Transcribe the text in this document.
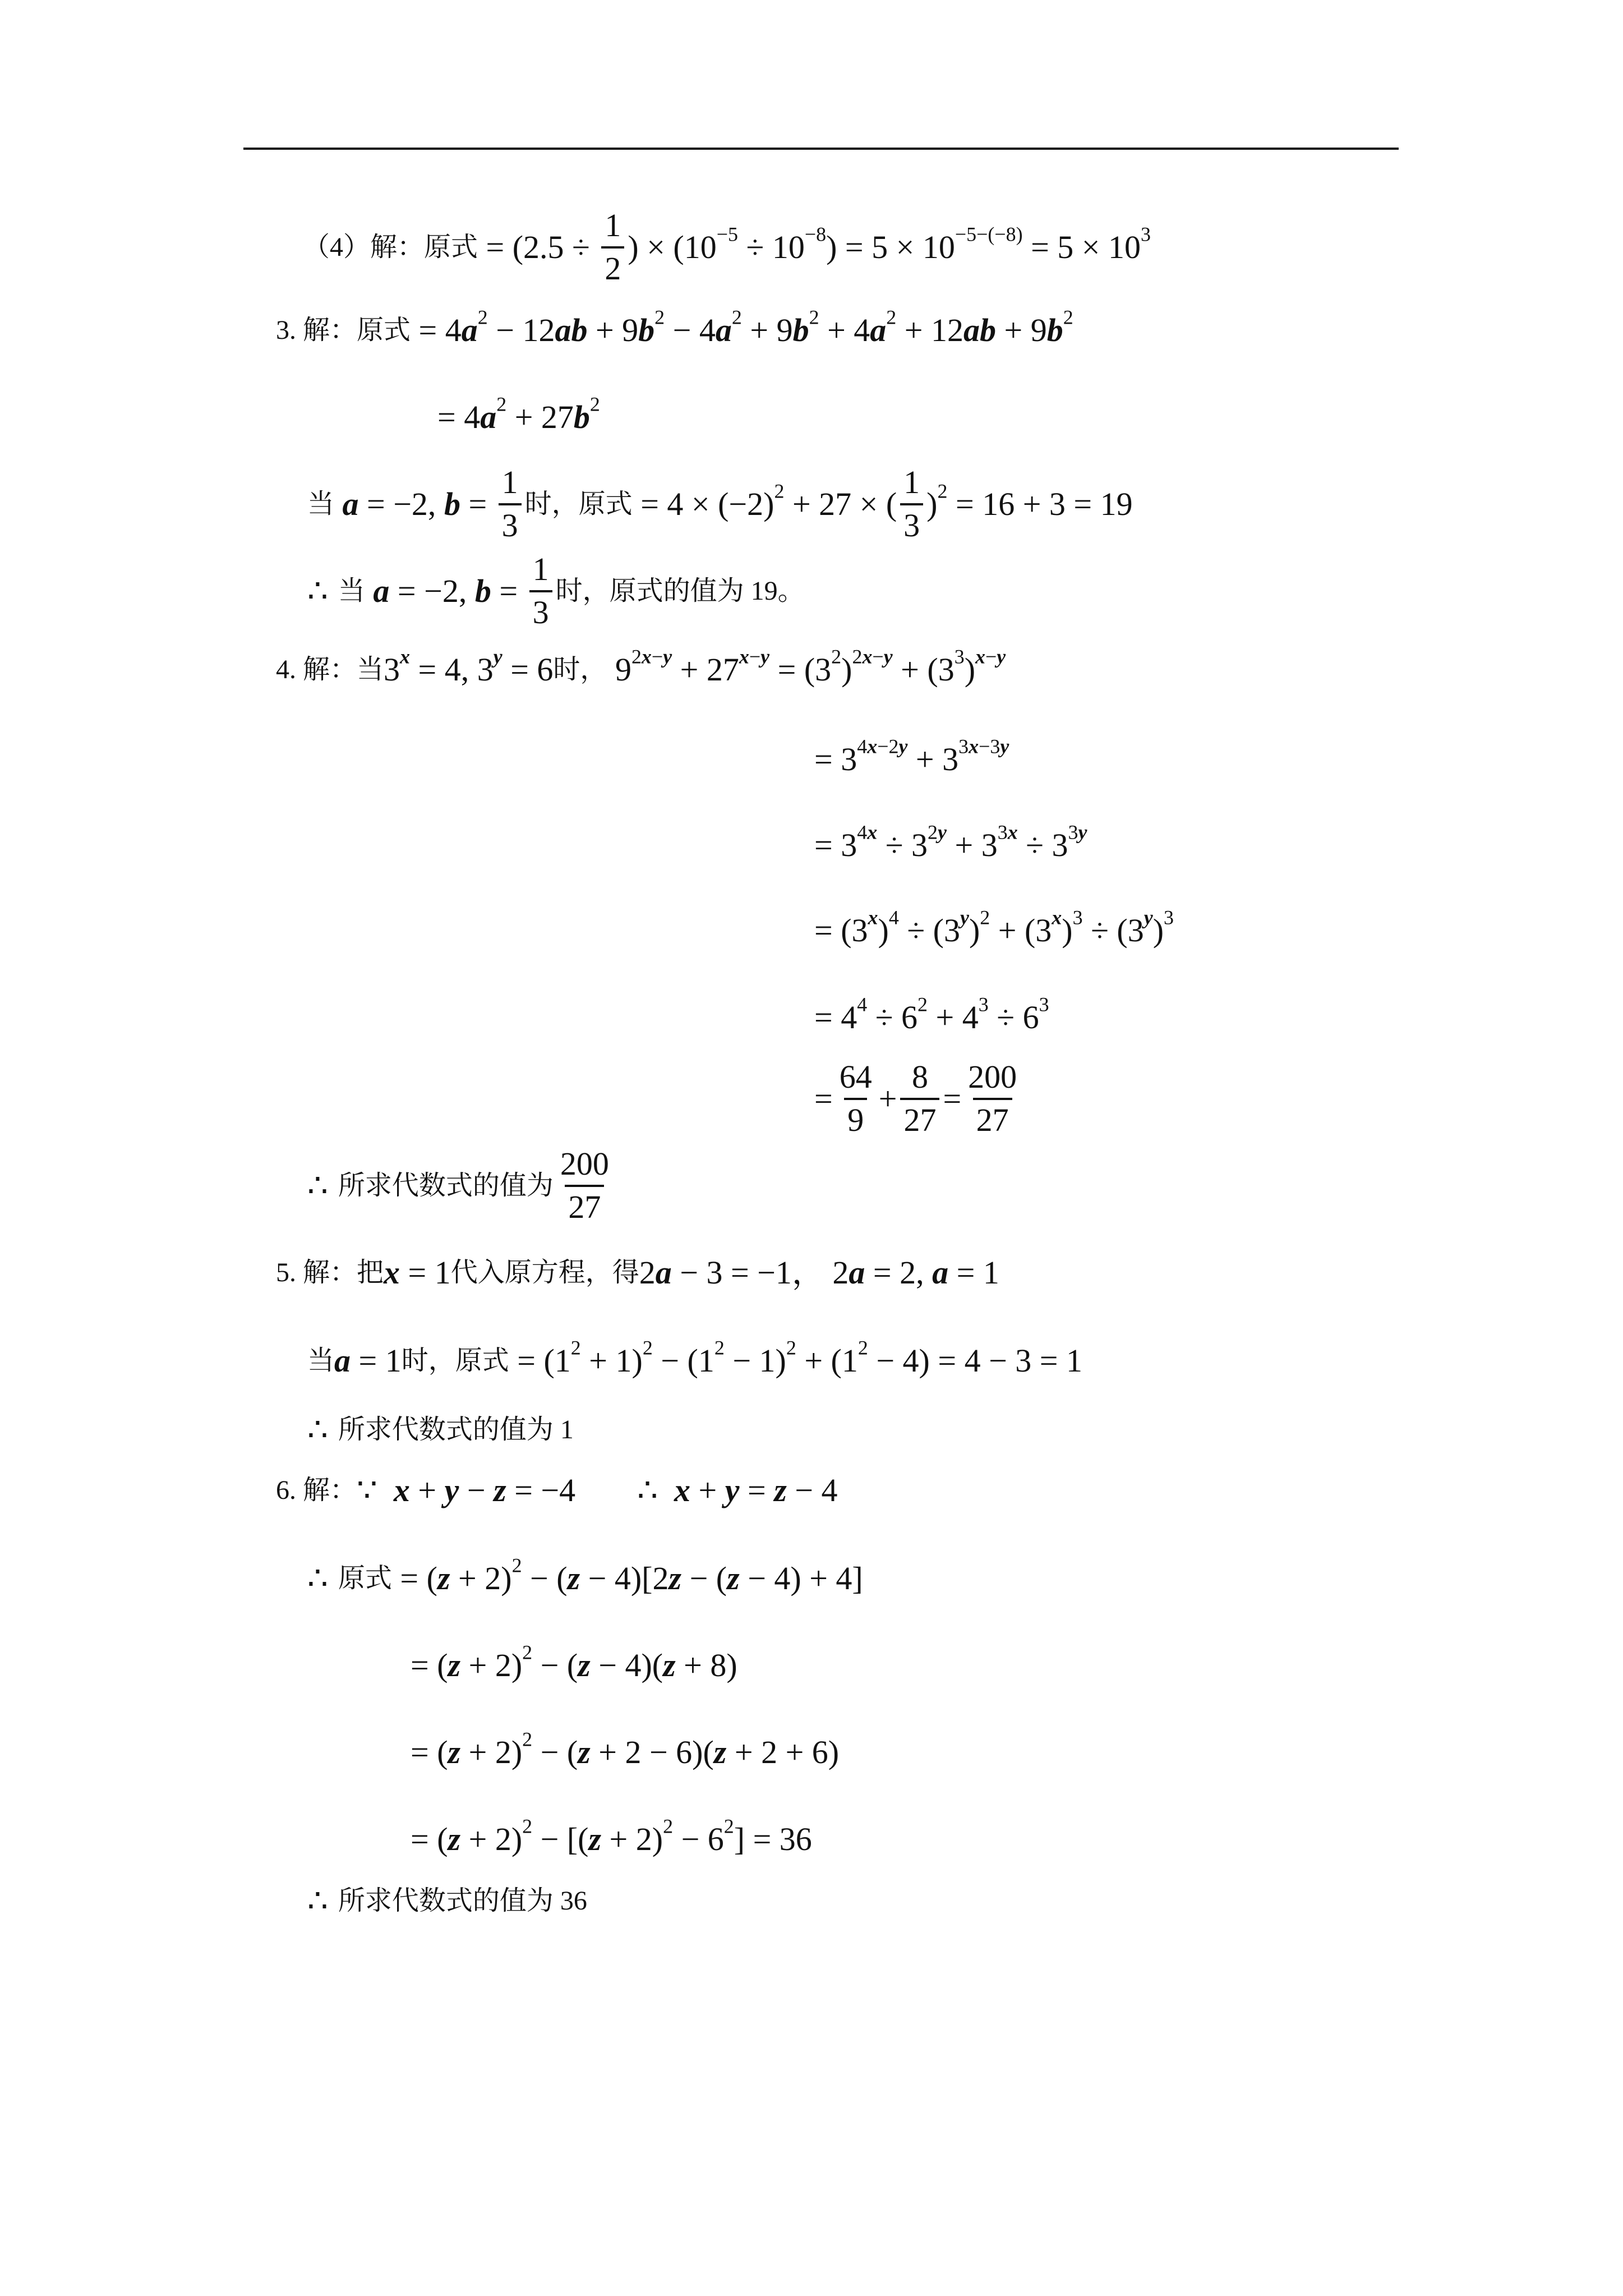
（4）解： 原式 = ($2.5 \div \frac{1}{2}$ ) × $(10^{-5} \div 10^{-8}) = 5 \times 10^{-5-(-8)} = 5 \times 10^3$
3. 解： 原式 = $4a^2 - 12ab + 9b^2 - 4a^2 + 9b^2 + 4a^2 + 12ab + 9b^2$
= $4a^2 + 27b^2$
当 a = −2, $b = \frac{1}{3}$ 时， 原式 = $4 \times (-2)^2 + 27$ × ( $\frac{1}{3} )^2 = 16 + 3 = 19$
∴ 当 a = −2, $b = \frac{1}{3}$ 时，原式的值为 19。
4. 解： 当 $3^x = 4$, $3^y = 6$ 时， $9^{2x-y} + 27^{x-y} = (3^2)^{2x-y} + (3^3)^{x-y}$
= $3^{4x-2y} + 3^{3x-3y}$
= $3^{4x} \div 3^{2y} + 3^{3x} \div 3^{3y}$
= $(3^x)^4 \div (3^y)^2 + (3^x)^3 \div (3^y)^3$
= $4^4 \div 6^2 + 4^3 \div 6^3$
= $\frac{64}{9} + \frac{8}{27} = \frac{200}{27}$
∴ 所求代数式的值为 $\frac{200}{27}$
5. 解： 把 x = 1 代入原方程，得 2a − 3 = −1， 2a = 2, a = 1
当 a = 1 时， 原式 = $(1^2 + 1)^2 - (1^2 - 1)^2 + (1^2 - 4) = 4 - 3 = 1$
∴ 所求代数式的值为 1
6. 解： ∵ x + y − z = −4 ∴ x + y = z − 4
∴ 原式 = $(z + 2)^2 - (z - 4)[2z - (z - 4) + 4]$
= $(z + 2)^2 - (z - 4)(z + 8)$
= $(z + 2)^2 - (z + 2 - 6)(z + 2 + 6)$
= $(z + 2)^2 - [(z + 2)^2 - 6^2] = 36$
∴ 所求代数式的值为 36
